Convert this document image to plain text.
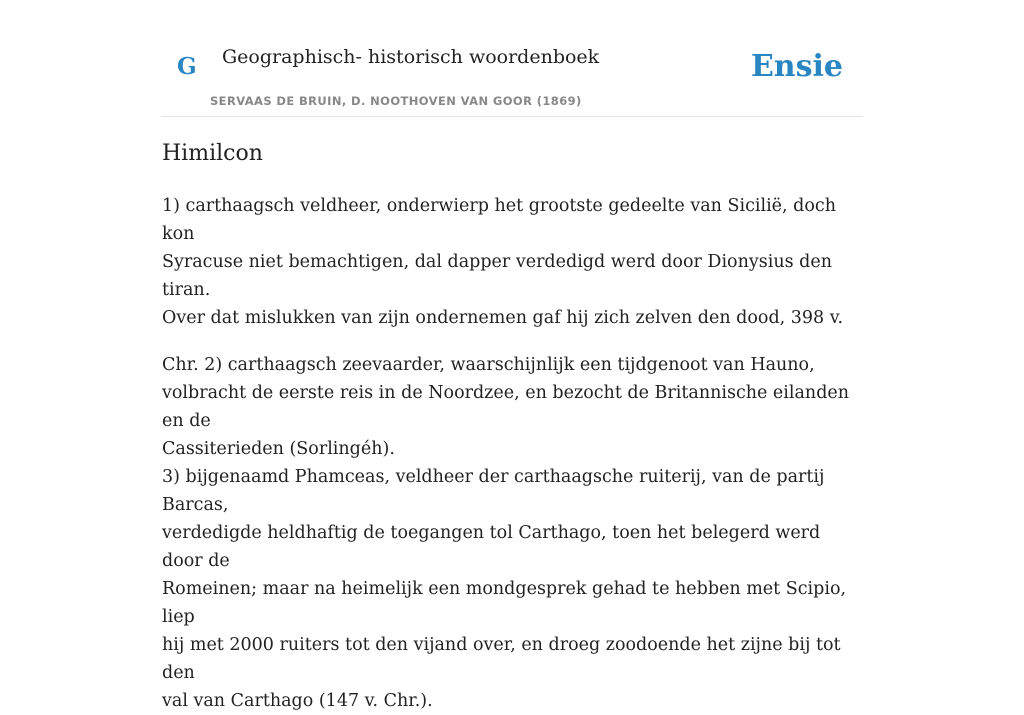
G Geographisch- historisch woordenboek
SERVAAS DE BRUIN, D. NOOTHOVEN VAN GOOR (1869)
Ensie
Himilcon

1) carthaagsch veldheer, onderwierp het grootste gedeelte van Sicilië, doch kon
Syracuse niet bemachtigen, dal dapper verdedigd werd door Dionysius den tiran.
Over dat mislukken van zijn ondernemen gaf hij zich zelven den dood, 398 v.

Chr. 2) carthaagsch zeevaarder, waarschijnlijk een tijdgenoot van Hauno,
volbracht de eerste reis in de Noordzee, en bezocht de Britannische eilanden en de
Cassiterieden (Sorlingéh).
3) bijgenaamd Phamceas, veldheer der carthaagsche ruiterij, van de partij Barcas,
verdedigde heldhaftig de toegangen tol Carthago, toen het belegerd werd door de
Romeinen; maar na heimelijk een mondgesprek gehad te hebben met Scipio, liep
hij met 2000 ruiters tot den vijand over, en droeg zoodoende het zijne bij tot den
val van Carthago (147 v. Chr.).
